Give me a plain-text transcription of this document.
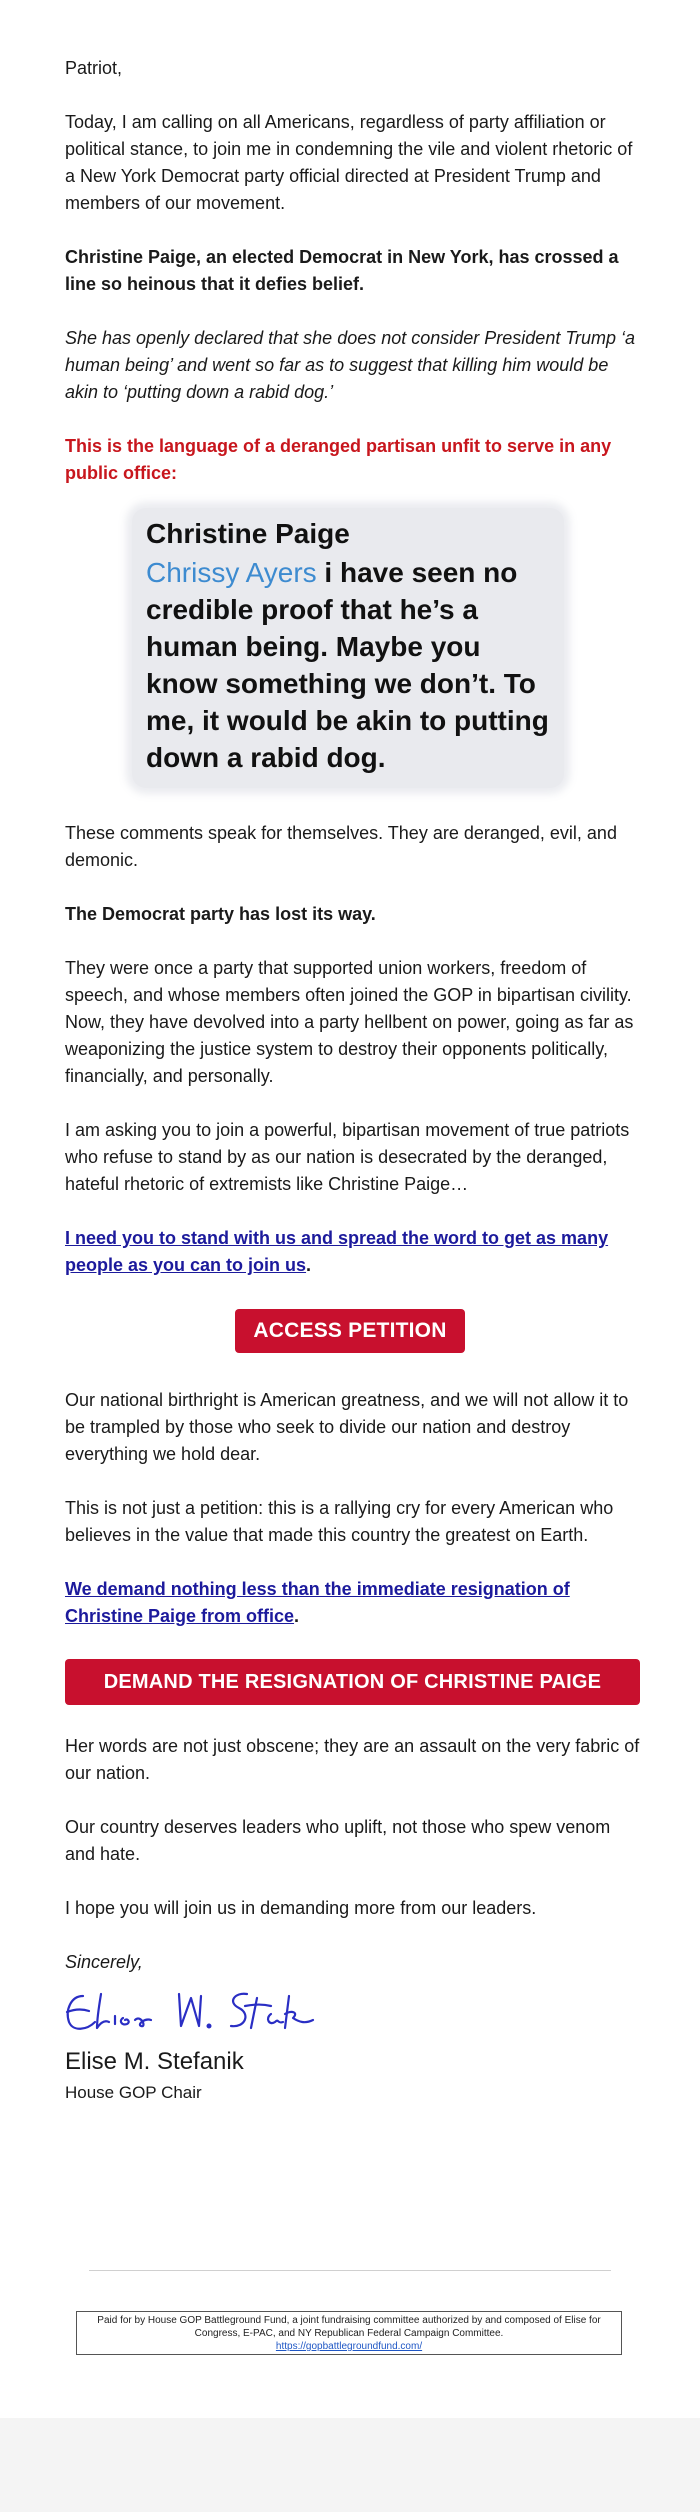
Patriot,

Today, I am calling on all Americans, regardless of party affiliation or political stance, to join me in condemning the vile and violent rhetoric of a New York Democrat party official directed at President Trump and members of our movement.

Christine Paige, an elected Democrat in New York, has crossed a line so heinous that it defies belief.

She has openly declared that she does not consider President Trump ‘a human being’ and went so far as to suggest that killing him would be akin to ‘putting down a rabid dog.’

This is the language of a deranged partisan unfit to serve in any public office:

Christine Paige
Chrissy Ayers i have seen no credible proof that he’s a human being. Maybe you know something we don’t. To me, it would be akin to putting down a rabid dog.

These comments speak for themselves. They are deranged, evil, and demonic.

The Democrat party has lost its way.

They were once a party that supported union workers, freedom of speech, and whose members often joined the GOP in bipartisan civility. Now, they have devolved into a party hellbent on power, going as far as weaponizing the justice system to destroy their opponents politically, financially, and personally.

I am asking you to join a powerful, bipartisan movement of true patriots who refuse to stand by as our nation is desecrated by the deranged, hateful rhetoric of extremists like Christine Paige…

I need you to stand with us and spread the word to get as many people as you can to join us.

ACCESS PETITION

Our national birthright is American greatness, and we will not allow it to be trampled by those who seek to divide our nation and destroy everything we hold dear.

This is not just a petition: this is a rallying cry for every American who believes in the value that made this country the greatest on Earth.

We demand nothing less than the immediate resignation of Christine Paige from office.

DEMAND THE RESIGNATION OF CHRISTINE PAIGE

Her words are not just obscene; they are an assault on the very fabric of our nation.

Our country deserves leaders who uplift, not those who spew venom and hate.

I hope you will join us in demanding more from our leaders.

Sincerely,

Elise M. Stefanik

House GOP Chair

Paid for by House GOP Battleground Fund, a joint fundraising committee authorized by and composed of Elise for Congress, E-PAC, and NY Republican Federal Campaign Committee.
https://gopbattlegroundfund.com/
